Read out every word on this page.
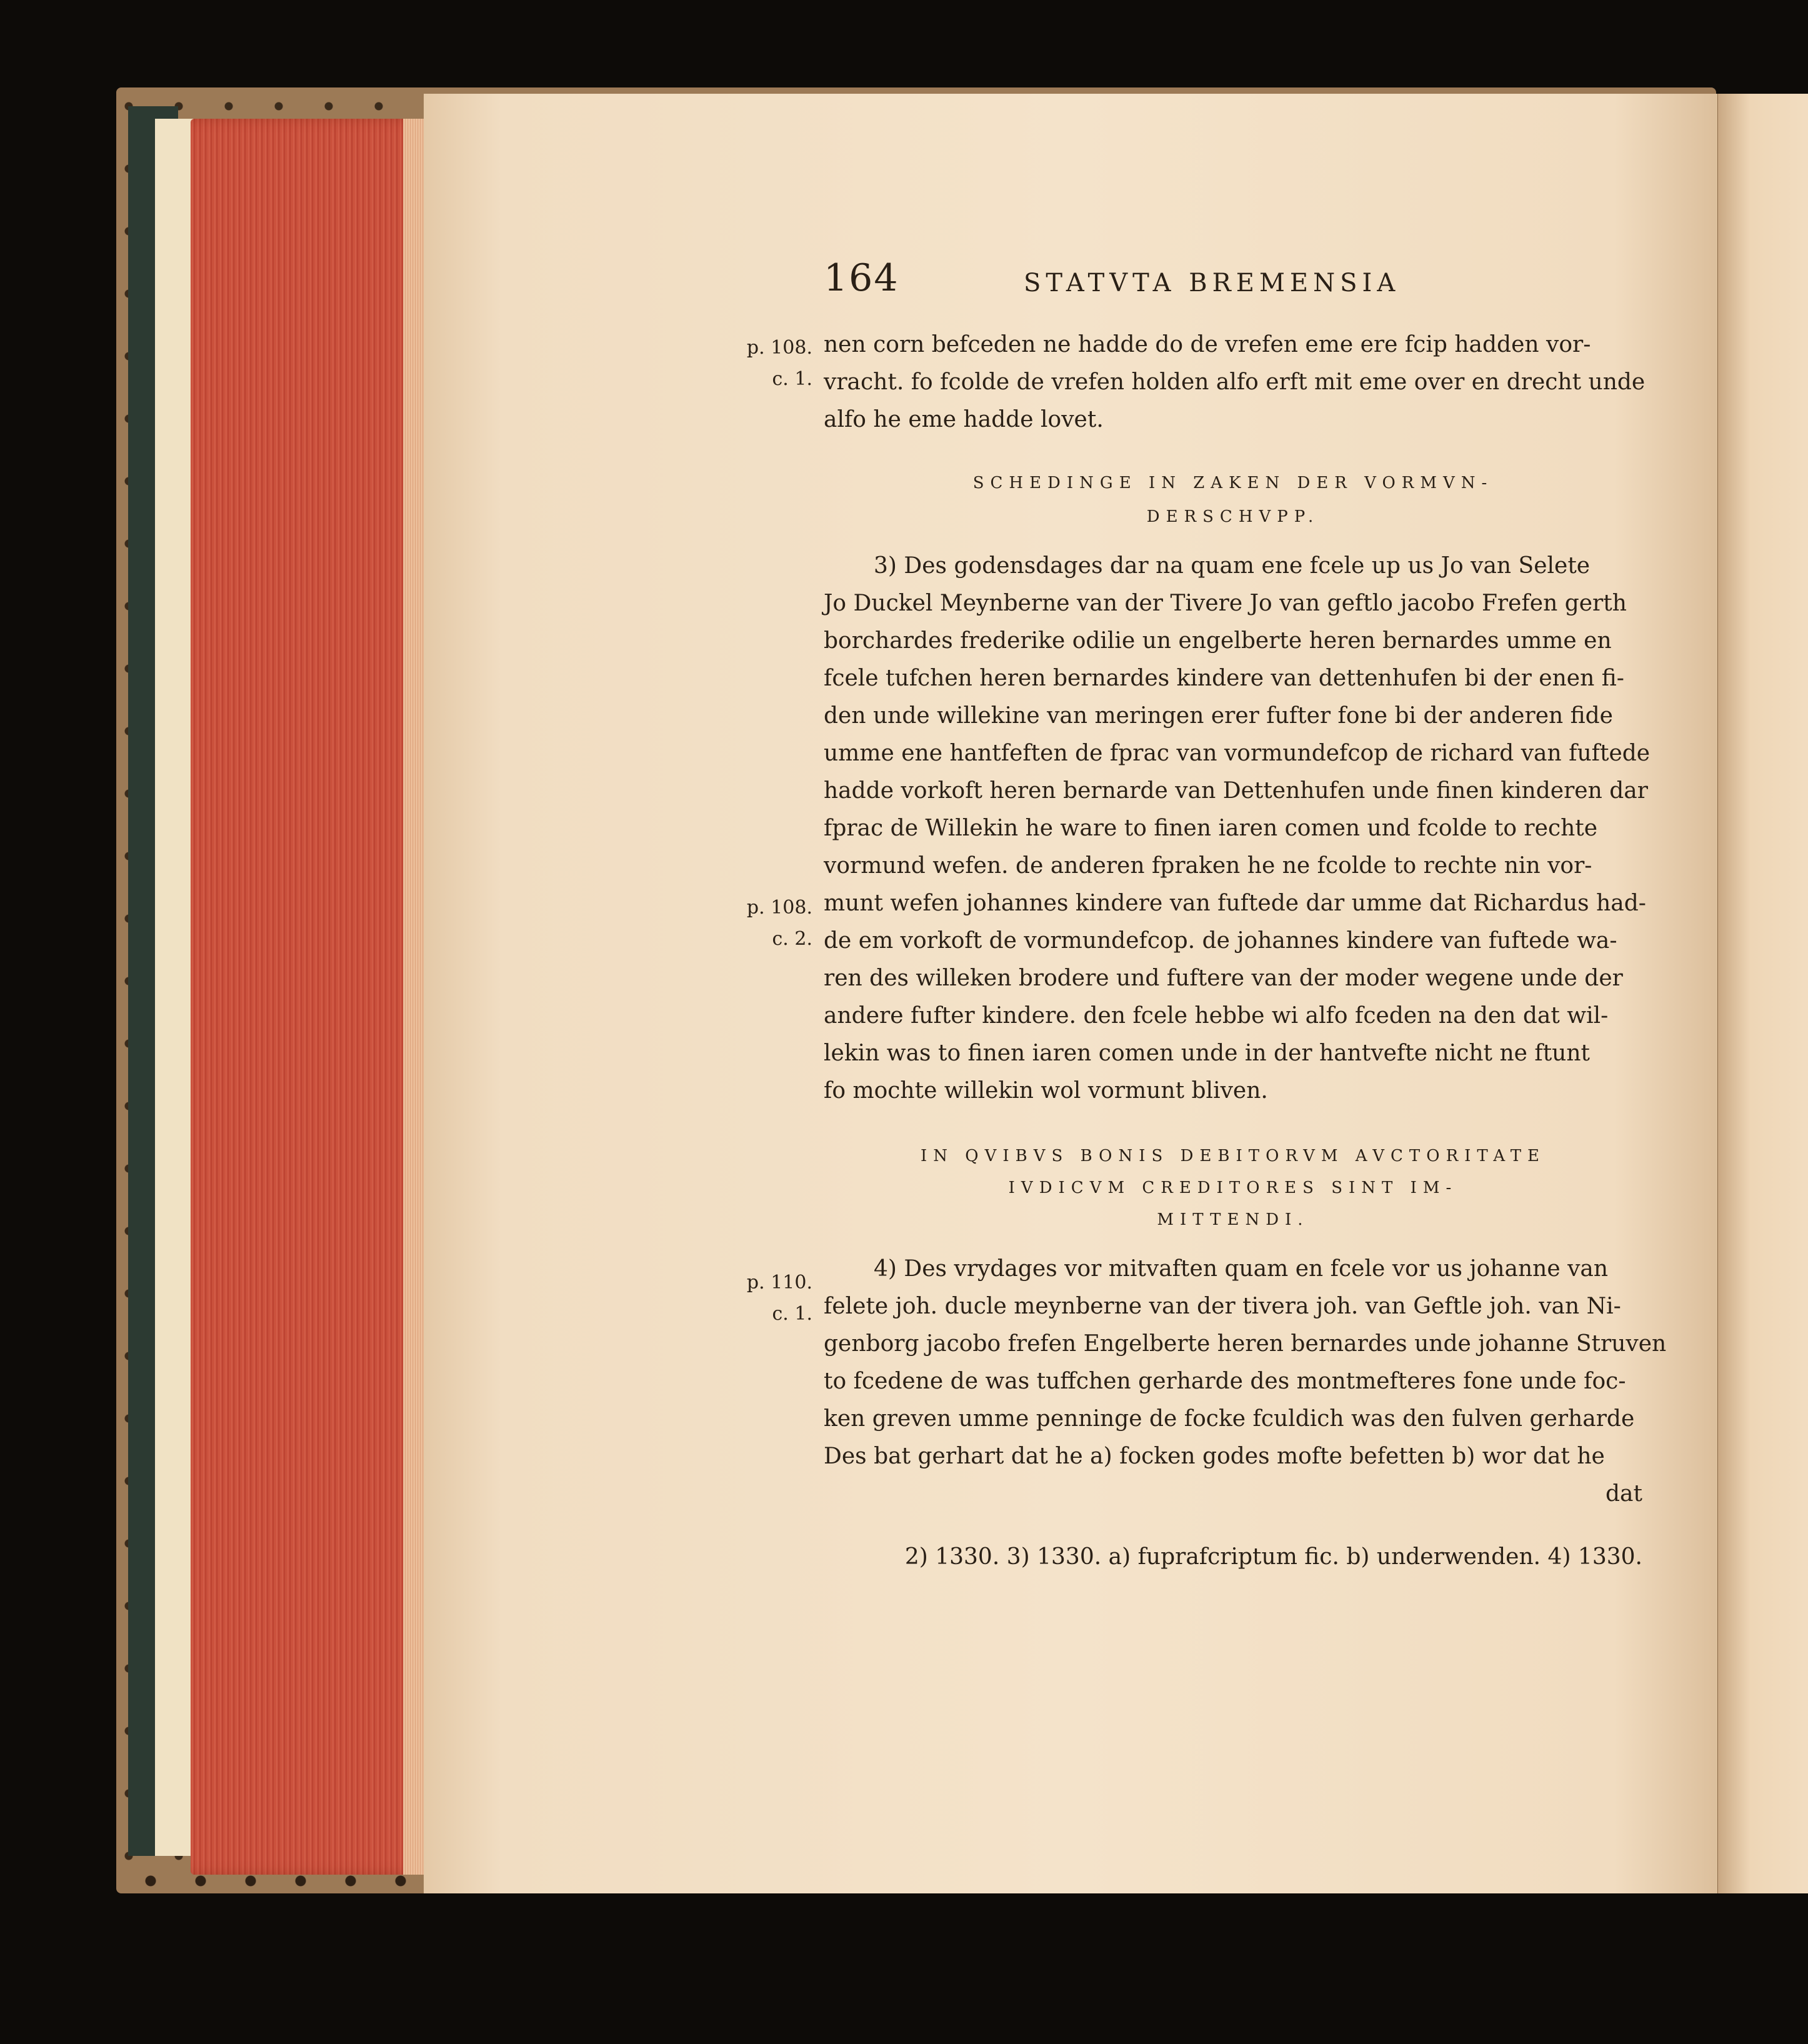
164	STATVTA BREMENSIA
p. 108.
c. 1.
p. 108.
c. 2.
p. 110.
c. 1.
nen corn befceden ne hadde do de vrefen eme ere fcip hadden vor-
vracht. fo fcolde de vrefen holden alfo erft mit eme over en drecht unde
alfo he eme hadde lovet.
SCHEDINGE IN ZAKEN DER VORMVN-
DERSCHVPP.
3) Des godensdages dar na quam ene fcele up us Jo van Selete
Jo Duckel Meynberne van der Tivere Jo van geftlo jacobo Frefen gerth
borchardes frederike odilie un engelberte heren bernardes umme en
fcele tufchen heren bernardes kindere van dettenhufen bi der enen fi-
den unde willekine van meringen erer fufter fone bi der anderen fide
umme ene hantfeften de fprac van vormundefcop de richard van fuftede
hadde vorkoft heren bernarde van Dettenhufen unde finen kinderen dar
fprac de Willekin he ware to finen iaren comen und fcolde to rechte
vormund wefen. de anderen fpraken he ne fcolde to rechte nin vor-
munt wefen johannes kindere van fuftede dar umme dat Richardus had-
de em vorkoft de vormundefcop. de johannes kindere van fuftede wa-
ren des willeken brodere und fuftere van der moder wegene unde der
andere fufter kindere. den fcele hebbe wi alfo fceden na den dat wil-
lekin was to finen iaren comen unde in der hantvefte nicht ne ftunt
fo mochte willekin wol vormunt bliven.
IN QVIBVS BONIS DEBITORVM AVCTORITATE
IVDICVM CREDITORES SINT IM-
MITTENDI.
4) Des vrydages vor mitvaften quam en fcele vor us johanne van
felete joh. ducle meynberne van der tivera joh. van Geftle joh. van Ni-
genborg jacobo frefen Engelberte heren bernardes unde johanne Struven
to fcedene de was tuffchen gerharde des montmefteres fone unde foc-
ken greven umme penninge de focke fculdich was den fulven gerharde
Des bat gerhart dat he a) focken godes mofte befetten b) wor dat he
dat
2) 1330. 3) 1330. a) fuprafcriptum fic. b) underwenden. 4) 1330.
